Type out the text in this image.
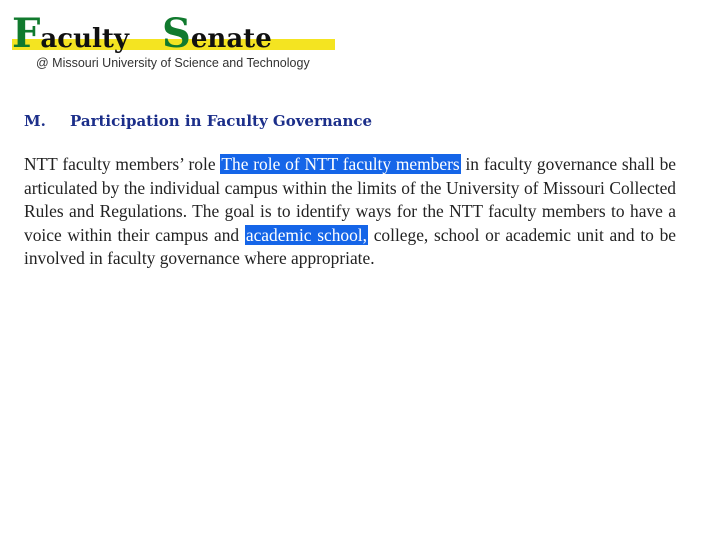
Faculty Senate
@ Missouri University of Science and Technology
M. Participation in Faculty Governance
NTT faculty members’ role The role of NTT faculty members in faculty governance shall be articulated by the individual campus within the limits of the University of Missouri Collected Rules and Regulations. The goal is to identify ways for the NTT faculty members to have a voice within their campus and academic school, college, school or academic unit and to be involved in faculty governance where appropriate.
